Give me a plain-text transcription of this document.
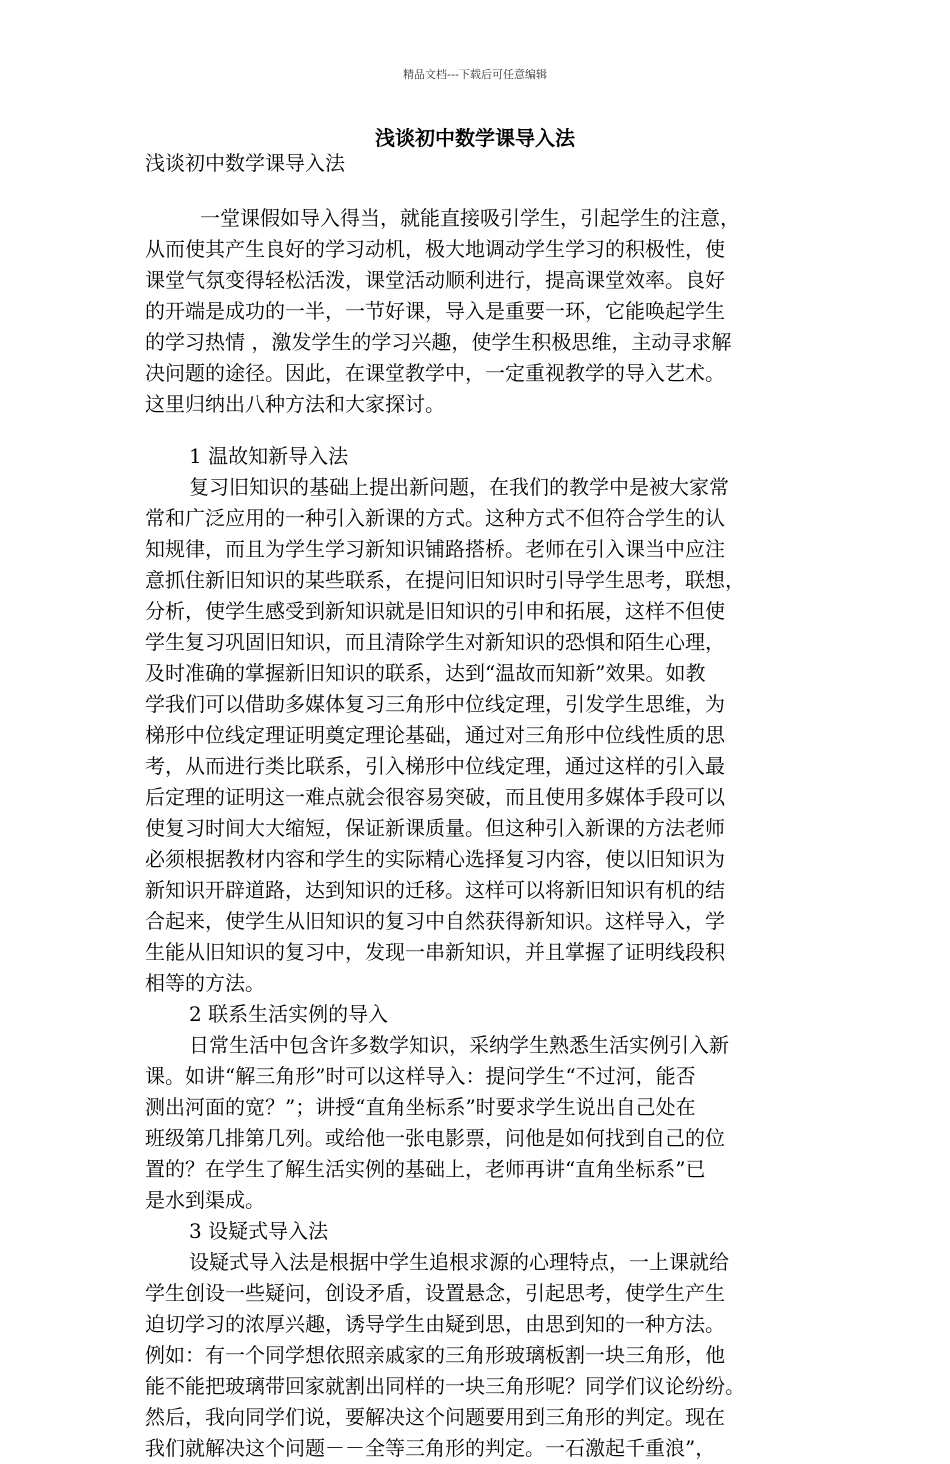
精品文档---下载后可任意编辑
浅谈初中数学课导入法
浅谈初中数学课导入法
一堂课假如导入得当，就能直接吸引学生，引起学生的注意，
从而使其产生良好的学习动机，极大地调动学生学习的积极性，使
课堂气氛变得轻松活泼，课堂活动顺利进行，提高课堂效率。良好
的开端是成功的一半，一节好课，导入是重要一环，它能唤起学生
的学习热情 ，激发学生的学习兴趣，使学生积极思维，主动寻求解
决问题的途径。因此，在课堂教学中，一定重视教学的导入艺术。
这里归纳出八种方法和大家探讨。
1 温故知新导入法
复习旧知识的基础上提出新问题，在我们的教学中是被大家常
常和广泛应用的一种引入新课的方式。这种方式不但符合学生的认
知规律，而且为学生学习新知识铺路搭桥。老师在引入课当中应注
意抓住新旧知识的某些联系，在提问旧知识时引导学生思考，联想，
分析，使学生感受到新知识就是旧知识的引申和拓展，这样不但使
学生复习巩固旧知识，而且清除学生对新知识的恐惧和陌生心理，
及时准确的掌握新旧知识的联系，达到“温故而知新”效果。如教
学我们可以借助多媒体复习三角形中位线定理，引发学生思维，为
梯形中位线定理证明奠定理论基础，通过对三角形中位线性质的思
考，从而进行类比联系，引入梯形中位线定理，通过这样的引入最
后定理的证明这一难点就会很容易突破，而且使用多媒体手段可以
使复习时间大大缩短，保证新课质量。但这种引入新课的方法老师
必须根据教材内容和学生的实际精心选择复习内容，使以旧知识为
新知识开辟道路，达到知识的迁移。这样可以将新旧知识有机的结
合起来，使学生从旧知识的复习中自然获得新知识。这样导入，学
生能从旧知识的复习中，发现一串新知识，并且掌握了证明线段积
相等的方法。
2 联系生活实例的导入
日常生活中包含许多数学知识，采纳学生熟悉生活实例引入新
课。如讲“解三角形”时可以这样导入：提问学生“不过河，能否
测出河面的宽？”；讲授“直角坐标系”时要求学生说出自己处在
班级第几排第几列。或给他一张电影票，问他是如何找到自己的位
置的？在学生了解生活实例的基础上，老师再讲“直角坐标系”已
是水到渠成。
3 设疑式导入法
设疑式导入法是根据中学生追根求源的心理特点，一上课就给
学生创设一些疑问，创设矛盾，设置悬念，引起思考，使学生产生
迫切学习的浓厚兴趣，诱导学生由疑到思，由思到知的一种方法。
例如：有一个同学想依照亲戚家的三角形玻璃板割一块三角形，他
能不能把玻璃带回家就割出同样的一块三角形呢？同学们议论纷纷。
然后，我向同学们说，要解决这个问题要用到三角形的判定。现在
我们就解决这个问题－－全等三角形的判定。一石激起千重浪”，
